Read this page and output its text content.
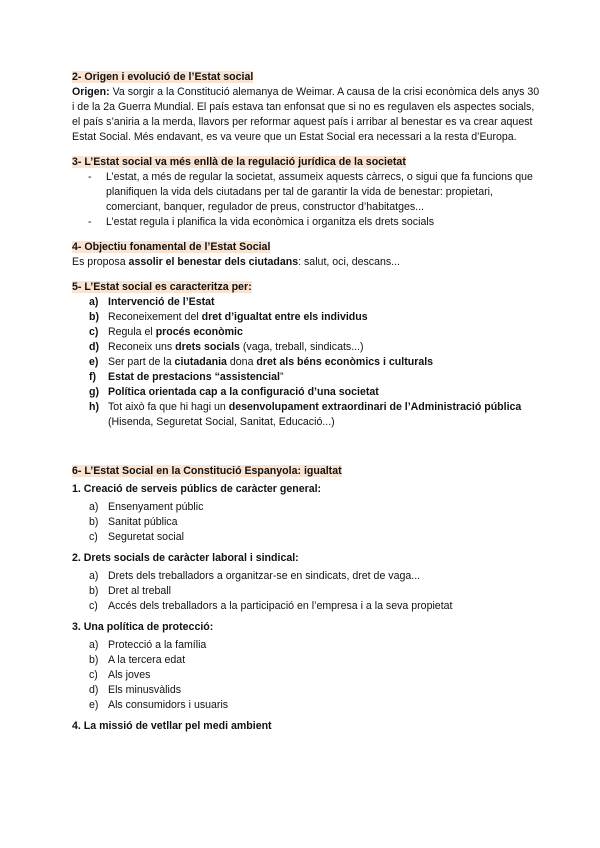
2- Origen i evolució de l’Estat social

Origen: Va sorgir a la Constitució alemanya de Weimar. A causa de la crisi econòmica dels anys 30 i de la 2a Guerra Mundial. El país estava tan enfonsat que si no es regulaven els aspectes socials, el país s’aniria a la merda, llavors per reformar aquest país i arribar al benestar es va crear aquest Estat Social. Més endavant, es va veure que un Estat Social era necessari a la resta d’Europa.

3- L’Estat social va més enllà de la regulació jurídica de la societat

- L’estat, a més de regular la societat, assumeix aquests càrrecs, o sigui que fa funcions que planifiquen la vida dels ciutadans per tal de garantir la vida de benestar: propietari, comerciant, banquer, regulador de preus, constructor d’habitatges...
- L’estat regula i planifica la vida econòmica i organitza els drets socials

4- Objectiu fonamental de l’Estat Social

Es proposa assolir el benestar dels ciutadans: salut, oci, descans...

5- L’Estat social es caracteritza per:

a) Intervenció de l’Estat
b) Reconeixement del dret d’igualtat entre els individus
c) Regula el procés econòmic
d) Reconeix uns drets socials (vaga, treball, sindicats...)
e) Ser part de la ciutadania dona dret als béns econòmics i culturals
f) Estat de prestacions “assistencial”
g) Política orientada cap a la configuració d’una societat
h) Tot això fa que hi hagi un desenvolupament extraordinari de l’Administració pública (Hisenda, Seguretat Social, Sanitat, Educació...)

6- L’Estat Social en la Constitució Espanyola: igualtat

1. Creació de serveis públics de caràcter general:

a) Ensenyament públic
b) Sanitat pública
c) Seguretat social

2. Drets socials de caràcter laboral i sindical:

a) Drets dels treballadors a organitzar-se en sindicats, dret de vaga...
b) Dret al treball
c) Accés dels treballadors a la participació en l’empresa i a la seva propietat

3. Una política de protecció:

a) Protecció a la família
b) A la tercera edat
c) Als joves
d) Els minusvàlids
e) Als consumidors i usuaris

4. La missió de vetllar pel medi ambient
